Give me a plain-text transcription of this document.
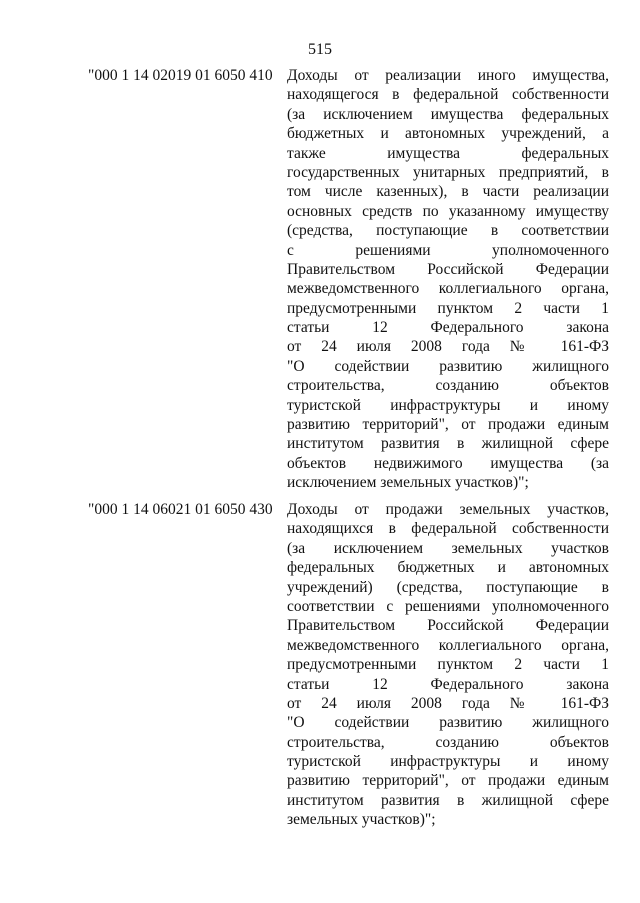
515
"000 1 14 02019 01 6050 410 Доходы от реализации иного имущества,
находящегося в федеральной собственности
(за исключением имущества федеральных
бюджетных и автономных учреждений, а
также имущества федеральных
государственных унитарных предприятий, в
том числе казенных), в части реализации
основных средств по указанному имуществу
(средства, поступающие в соответствии
с решениями уполномоченного
Правительством Российской Федерации
межведомственного коллегиального органа,
предусмотренными пунктом 2 части 1
статьи 12 Федерального закона
от 24 июля 2008 года № 161-ФЗ
"О содействии развитию жилищного
строительства, созданию объектов
туристской инфраструктуры и иному
развитию территорий", от продажи единым
институтом развития в жилищной сфере
объектов недвижимого имущества (за
исключением земельных участков)";
"000 1 14 06021 01 6050 430 Доходы от продажи земельных участков,
находящихся в федеральной собственности
(за исключением земельных участков
федеральных бюджетных и автономных
учреждений) (средства, поступающие в
соответствии с решениями уполномоченного
Правительством Российской Федерации
межведомственного коллегиального органа,
предусмотренными пунктом 2 части 1
статьи 12 Федерального закона
от 24 июля 2008 года № 161-ФЗ
"О содействии развитию жилищного
строительства, созданию объектов
туристской инфраструктуры и иному
развитию территорий", от продажи единым
институтом развития в жилищной сфере
земельных участков)";
